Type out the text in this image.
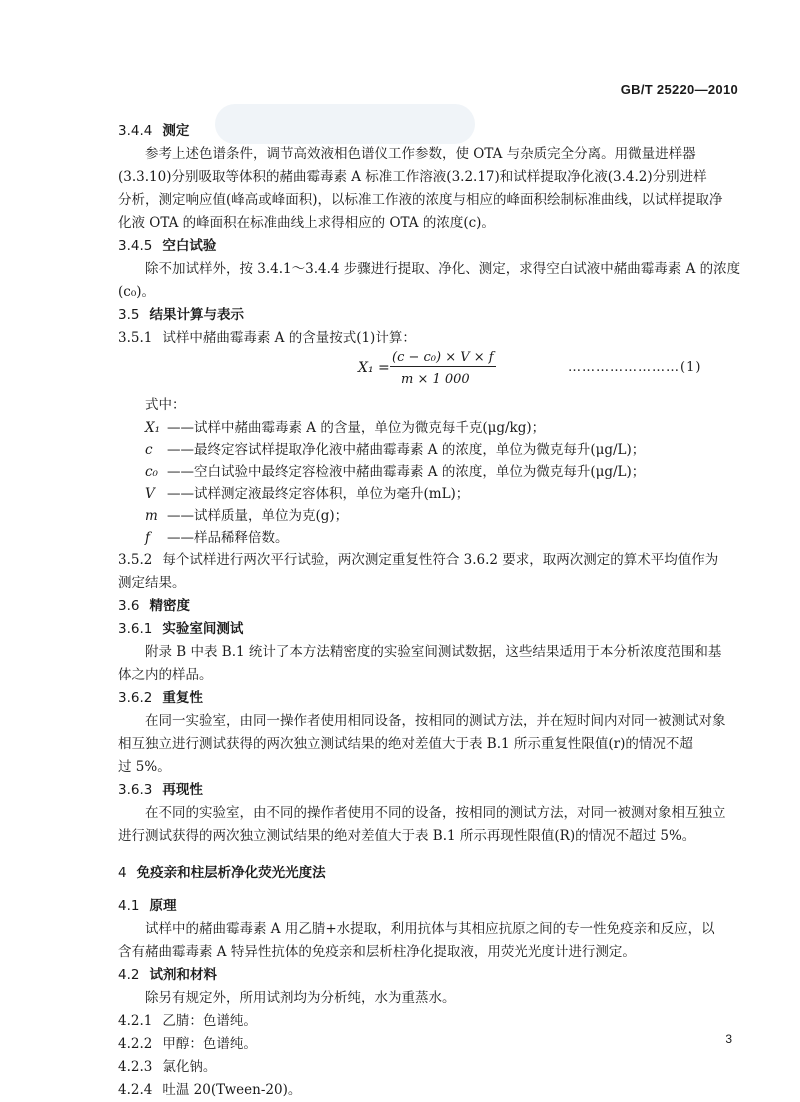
GB/T 25220—2010
3.4.4 测定
参考上述色谱条件，调节高效液相色谱仪工作参数，使 OTA 与杂质完全分离。用微量进样器
(3.3.10)分别吸取等体积的赭曲霉毒素 A 标准工作溶液(3.2.17)和试样提取净化液(3.4.2)分别进样
分析，测定响应值(峰高或峰面积)，以标准工作液的浓度与相应的峰面积绘制标准曲线，以试样提取净
化液 OTA 的峰面积在标准曲线上求得相应的 OTA 的浓度(c)。
3.4.5 空白试验
除不加试样外，按 3.4.1～3.4.4 步骤进行提取、净化、测定，求得空白试液中赭曲霉毒素 A 的浓度
(c₀)。
3.5 结果计算与表示
3.5.1 试样中赭曲霉毒素 A 的含量按式(1)计算：
X₁ =
(c − c₀) × V × f
m × 1 000
……………………(1)
式中：
X₁ ——试样中赭曲霉毒素 A 的含量，单位为微克每千克(μg/kg)；
c ——最终定容试样提取净化液中赭曲霉毒素 A 的浓度，单位为微克每升(μg/L)；
c₀ ——空白试验中最终定容检液中赭曲霉毒素 A 的浓度，单位为微克每升(μg/L)；
V ——试样测定液最终定容体积，单位为毫升(mL)；
m ——试样质量，单位为克(g)；
f ——样品稀释倍数。
3.5.2 每个试样进行两次平行试验，两次测定重复性符合 3.6.2 要求，取两次测定的算术平均值作为
测定结果。
3.6 精密度
3.6.1 实验室间测试
附录 B 中表 B.1 统计了本方法精密度的实验室间测试数据，这些结果适用于本分析浓度范围和基
体之内的样品。
3.6.2 重复性
在同一实验室，由同一操作者使用相同设备，按相同的测试方法，并在短时间内对同一被测试对象
相互独立进行测试获得的两次独立测试结果的绝对差值大于表 B.1 所示重复性限值(r)的情况不超
过 5%。
3.6.3 再现性
在不同的实验室，由不同的操作者使用不同的设备，按相同的测试方法，对同一被测对象相互独立
进行测试获得的两次独立测试结果的绝对差值大于表 B.1 所示再现性限值(R)的情况不超过 5%。
4 免疫亲和柱层析净化荧光光度法
4.1 原理
试样中的赭曲霉毒素 A 用乙腈+水提取，利用抗体与其相应抗原之间的专一性免疫亲和反应，以
含有赭曲霉毒素 A 特异性抗体的免疫亲和层析柱净化提取液，用荧光光度计进行测定。
4.2 试剂和材料
除另有规定外，所用试剂均为分析纯，水为重蒸水。
4.2.1 乙腈：色谱纯。
4.2.2 甲醇：色谱纯。
4.2.3 氯化钠。
4.2.4 吐温 20(Tween-20)。
3
